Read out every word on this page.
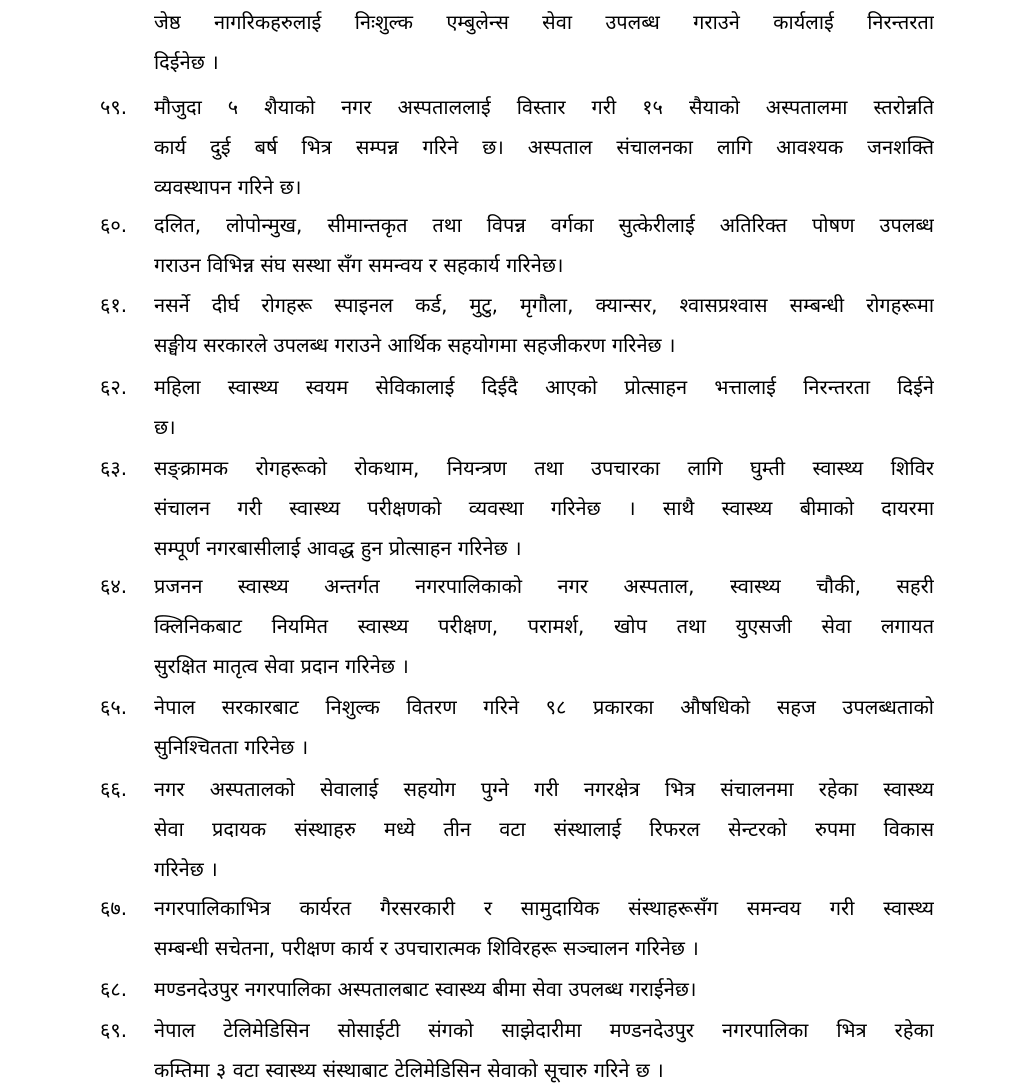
जेष्ठ नागरिकहरुलाई निःशुल्क एम्बुलेन्स सेवा उपलब्ध गराउने कार्यलाई निरन्तरता
दिईनेछ ।
५९.	मौजुदा ५ शैयाको नगर अस्पताललाई विस्तार गरी १५ सैयाको अस्पतालमा स्तरोन्नति
कार्य दुई बर्ष भित्र सम्पन्न गरिने छ। अस्पताल संचालनका लागि आवश्यक जनशक्ति
व्यवस्थापन गरिने छ।
६०.	दलित, लोपोन्मुख, सीमान्तकृत तथा विपन्न वर्गका सुत्केरीलाई अतिरिक्त पोषण उपलब्ध
गराउन विभिन्न संघ सस्था सँग समन्वय र सहकार्य गरिनेछ।
६१.	नसर्ने दीर्घ रोगहरू स्पाइनल कर्ड, मुटु, मृगौला, क्यान्सर, श्वासप्रश्वास सम्बन्धी रोगहरूमा
सङ्घीय सरकारले उपलब्ध गराउने आर्थिक सहयोगमा सहजीकरण गरिनेछ ।
६२.	महिला स्वास्थ्य स्वयम सेविकालाई दिईदै आएको प्रोत्साहन भत्तालाई निरन्तरता दिईने
छ।
६३.	सङ्क्रामक रोगहरूको रोकथाम, नियन्त्रण तथा उपचारका लागि घुम्ती स्वास्थ्य शिविर
संचालन गरी स्वास्थ्य परीक्षणको व्यवस्था गरिनेछ । साथै स्वास्थ्य बीमाको दायरमा
सम्पूर्ण नगरबासीलाई आवद्ध हुन प्रोत्साहन गरिनेछ ।
६४.	प्रजनन स्वास्थ्य अन्तर्गत नगरपालिकाको नगर अस्पताल, स्वास्थ्य चौकी, सहरी
क्लिनिकबाट नियमित स्वास्थ्य परीक्षण, परामर्श, खोप तथा युएसजी सेवा लगायत
सुरक्षित मातृत्व सेवा प्रदान गरिनेछ ।
६५.	नेपाल सरकारबाट निशुल्क वितरण गरिने ९८ प्रकारका औषधिको सहज उपलब्धताको
सुनिश्चितता गरिनेछ ।
६६.	नगर अस्पतालको सेवालाई सहयोग पुग्ने गरी नगरक्षेत्र भित्र संचालनमा रहेका स्वास्थ्य
सेवा प्रदायक संस्थाहरु मध्ये तीन वटा संस्थालाई रिफरल सेन्टरको रुपमा विकास
गरिनेछ ।
६७.	नगरपालिकाभित्र कार्यरत गैरसरकारी र सामुदायिक संस्थाहरूसँग समन्वय गरी स्वास्थ्य
सम्बन्धी सचेतना, परीक्षण कार्य र उपचारात्मक शिविरहरू सञ्चालन गरिनेछ ।
६८.	मण्डनदेउपुर नगरपालिका अस्पतालबाट स्वास्थ्य बीमा सेवा उपलब्ध गराईनेछ।
६९.	नेपाल टेलिमेडिसिन सोसाईटी संगको साझेदारीमा मण्डनदेउपुर नगरपालिका भित्र रहेका
कम्तिमा ३ वटा स्वास्थ्य संस्थाबाट टेलिमेडिसिन सेवाको सूचारु गरिने छ ।
